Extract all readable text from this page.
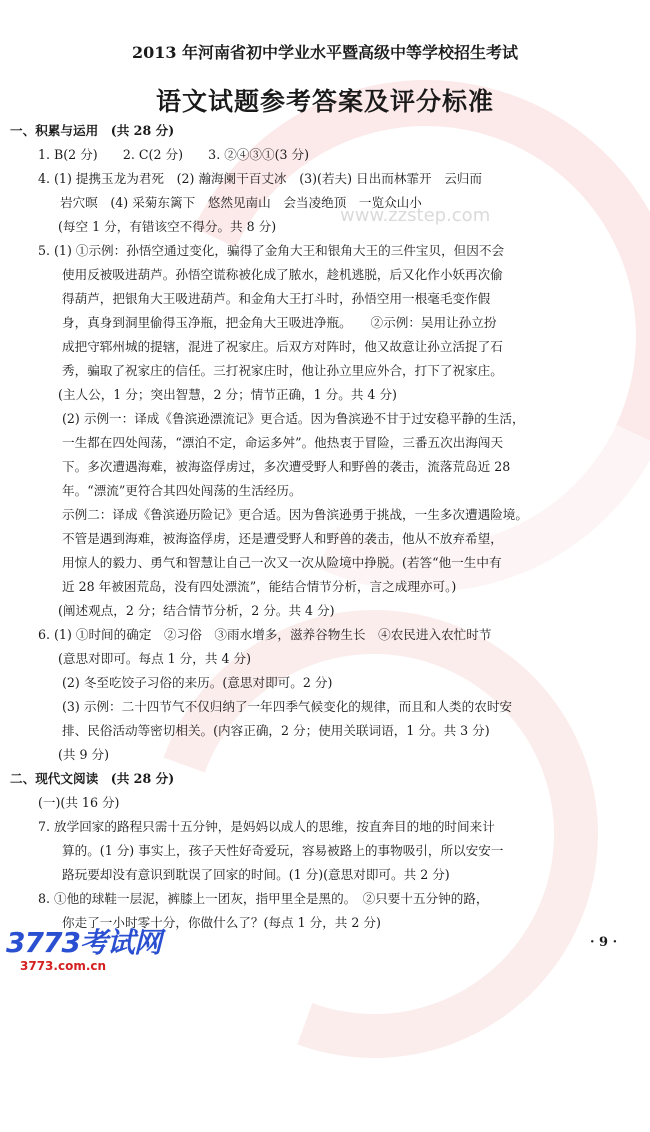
www.zzstep.com
2013 年河南省初中学业水平暨高级中等学校招生考试
语文试题参考答案及评分标准
一、积累与运用　(共 28 分)
1. B(2 分)　　2. C(2 分)　　3. ②④③①(3 分)
4. (1) 提携玉龙为君死　(2) 瀚海阑干百丈冰　(3)(若夫) 日出而林霏开　云归而
岩穴暝　(4) 采菊东篱下　悠然见南山　会当凌绝顶　一览众山小
(每空 1 分，有错该空不得分。共 8 分)
5. (1) ①示例：孙悟空通过变化，骗得了金角大王和银角大王的三件宝贝，但因不会
使用反被吸进葫芦。孙悟空谎称被化成了脓水，趁机逃脱，后又化作小妖再次偷
得葫芦，把银角大王吸进葫芦。和金角大王打斗时，孙悟空用一根毫毛变作假
身，真身到洞里偷得玉净瓶，把金角大王吸进净瓶。　　②示例：吴用让孙立扮
成把守郓州城的提辖，混进了祝家庄。后双方对阵时，他又故意让孙立活捉了石
秀，骗取了祝家庄的信任。三打祝家庄时，他让孙立里应外合，打下了祝家庄。
(主人公，1 分；突出智慧，2 分；情节正确，1 分。共 4 分)
(2) 示例一：译成《鲁滨逊漂流记》更合适。因为鲁滨逊不甘于过安稳平静的生活，
一生都在四处闯荡，“漂泊不定，命运多舛”。他热衷于冒险，三番五次出海闯天
下。多次遭遇海难，被海盗俘虏过，多次遭受野人和野兽的袭击，流落荒岛近 28
年。“漂流”更符合其四处闯荡的生活经历。
示例二：译成《鲁滨逊历险记》更合适。因为鲁滨逊勇于挑战，一生多次遭遇险境。
不管是遇到海难，被海盗俘虏，还是遭受野人和野兽的袭击，他从不放弃希望，
用惊人的毅力、勇气和智慧让自己一次又一次从险境中挣脱。(若答“他一生中有
近 28 年被困荒岛，没有四处漂流”，能结合情节分析，言之成理亦可。)
(阐述观点，2 分；结合情节分析，2 分。共 4 分)
6. (1) ①时间的确定　②习俗　③雨水增多，滋养谷物生长　④农民进入农忙时节
(意思对即可。每点 1 分，共 4 分)
(2) 冬至吃饺子习俗的来历。(意思对即可。2 分)
(3) 示例：二十四节气不仅归纳了一年四季气候变化的规律，而且和人类的农时安
排、民俗活动等密切相关。(内容正确，2 分；使用关联词语，1 分。共 3 分)
(共 9 分)
二、现代文阅读　(共 28 分)
(一)(共 16 分)
7. 放学回家的路程只需十五分钟，是妈妈以成人的思维，按直奔目的地的时间来计
算的。(1 分) 事实上，孩子天性好奇爱玩，容易被路上的事物吸引，所以安安一
路玩要却没有意识到耽误了回家的时间。(1 分)(意思对即可。共 2 分)
8. ①他的球鞋一层泥，裤膝上一团灰，指甲里全是黑的。　②只要十五分钟的路，
你走了一小时零十分，你做什么了？(每点 1 分，共 2 分)
3773考试网
3773.com.cn
· 9 ·
